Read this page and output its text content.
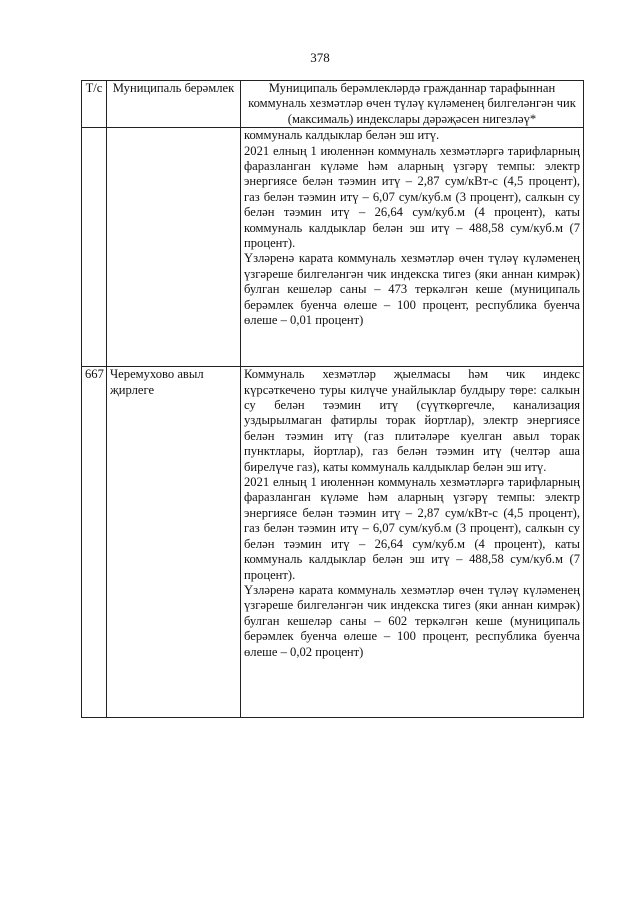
378
Т/с	Муниципаль берәмлек	Муниципаль берәмлекләрдә гражданнар тарафыннан коммуналь хезмәтләр өчен түләү күләменең билгеләнгән чик (максималь) индекслары дәрәҗәсен нигезләү*

		коммуналь калдыклар белән эш итү.

2021 елның 1 июленнән коммуналь хезмәтләргә тарифларның фаразланган күләме һәм аларның үзгәрү темпы: электр энергиясе белән тәэмин итү – 2,87 сум/кВт-с (4,5 процент), газ белән тәэмин итү – 6,07 сум/куб.м (3 процент), салкын су белән тәэмин итү – 26,64 сум/куб.м (4 процент), каты коммуналь калдыклар белән эш итү – 488,58 сум/куб.м (7 процент).

Үзләренә карата коммуналь хезмәтләр өчен түләү күләменең үзгәреше билгеләнгән чик индекска тигез (яки аннан кимрәк) булган кешеләр саны – 473 теркәлгән кеше (муниципаль берәмлек буенча өлеше – 100 процент, республика буенча өлеше – 0,01 процент)

667	Черемухово авыл җирлеге	Коммуналь хезмәтләр җыелмасы һәм чик индекс күрсәткечено туры килүче унайлыклар булдыру төре: салкын су белән тәэмин итү (сүүткөргечле, канализация уздырылмаган фатирлы торак йортлар), электр энергиясе белән тәэмин итү (газ плитәләре куелган авыл торак пунктлары, йортлар), газ белән тәэмин итү (челтәр аша бирелүче газ), каты коммуналь калдыклар белән эш итү.

2021 елның 1 июленнән коммуналь хезмәтләргә тарифларның фаразланган күләме һәм аларның үзгәрү темпы: электр энергиясе белән тәэмин итү – 2,87 сум/кВт-с (4,5 процент), газ белән тәэмин итү – 6,07 сум/куб.м (3 процент), салкын су белән тәэмин итү – 26,64 сум/куб.м (4 процент), каты коммуналь калдыклар белән эш итү – 488,58 сум/куб.м (7 процент).

Үзләренә карата коммуналь хезмәтләр өчен түләү күләменең үзгәреше билгеләнгән чик индекска тигез (яки аннан кимрәк) булган кешеләр саны – 602 теркәлгән кеше (муниципаль берәмлек буенча өлеше – 100 процент, республика буенча өлеше – 0,02 процент)
